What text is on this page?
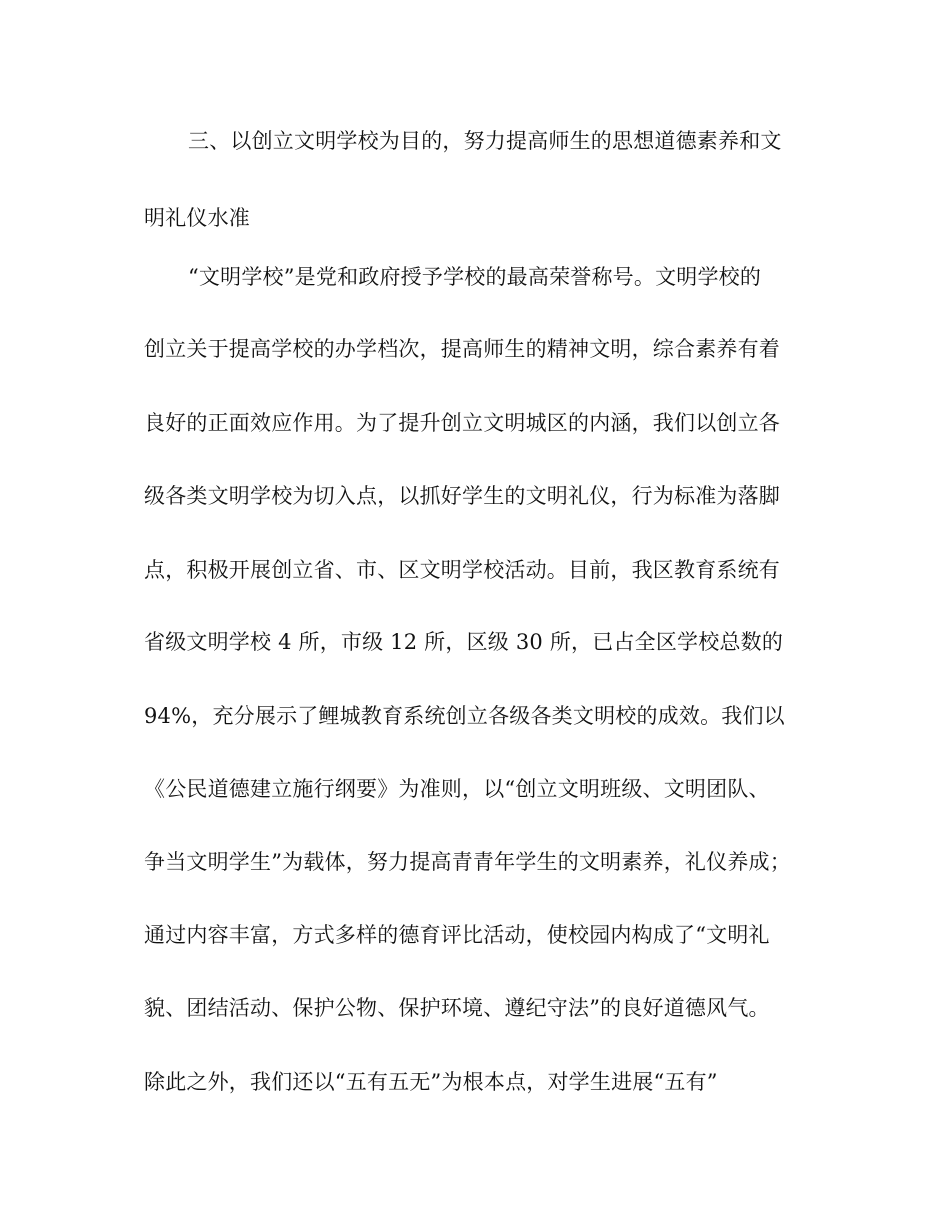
三、以创立文明学校为目的，努力提高师生的思想道德素养和文
明礼仪水准
“文明学校”是党和政府授予学校的最高荣誉称号。文明学校的
创立关于提高学校的办学档次，提高师生的精神文明，综合素养有着
良好的正面效应作用。为了提升创立文明城区的内涵，我们以创立各
级各类文明学校为切入点，以抓好学生的文明礼仪，行为标准为落脚
点，积极开展创立省、市、区文明学校活动。目前，我区教育系统有
省级文明学校 4 所，市级 12 所，区级 30 所，已占全区学校总数的
94%，充分展示了鲤城教育系统创立各级各类文明校的成效。我们以
《公民道德建立施行纲要》为准则，以“创立文明班级、文明团队、
争当文明学生”为载体，努力提高青青年学生的文明素养，礼仪养成；
通过内容丰富，方式多样的德育评比活动，使校园内构成了“文明礼
貌、团结活动、保护公物、保护环境、遵纪守法”的良好道德风气。
除此之外，我们还以“五有五无”为根本点，对学生进展“五有”
